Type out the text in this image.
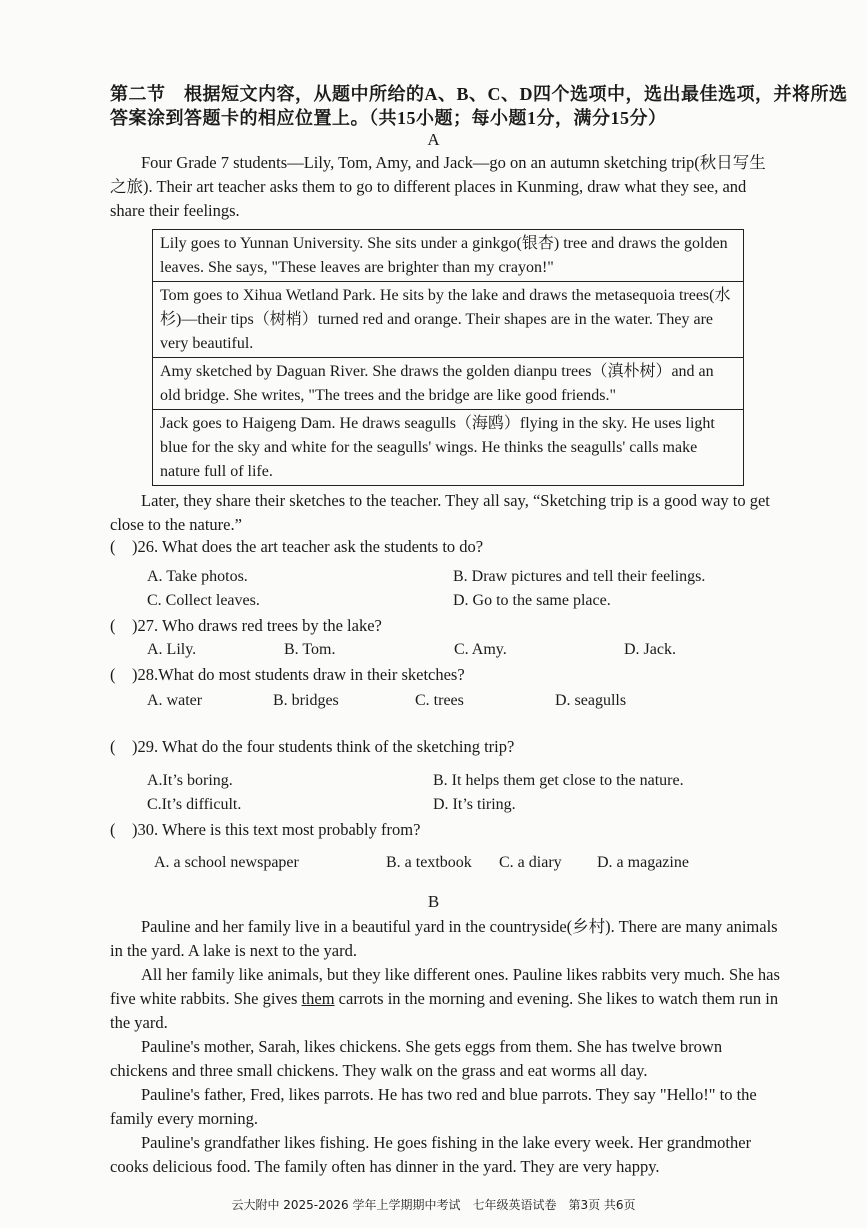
第二节　根据短文内容，从题中所给的A、B、C、D四个选项中，选出最佳选项，并将所选
答案涂到答题卡的相应位置上。（共15小题；每小题1分，满分15分）
A
Four Grade 7 students—Lily, Tom, Amy, and Jack—go on an autumn sketching trip(秋日写生之旅). Their art teacher asks them to go to different places in Kunming, draw what they see, and share their feelings.
Lily goes to Yunnan University. She sits under a ginkgo(银杏) tree and draws the golden leaves. She says, "These leaves are brighter than my crayon!"
Tom goes to Xihua Wetland Park. He sits by the lake and draws the metasequoia trees(水杉)—their tips（树梢）turned red and orange. Their shapes are in the water. They are very beautiful.
Amy sketched by Daguan River. She draws the golden dianpu trees（滇朴树）and an old bridge. She writes, "The trees and the bridge are like good friends."
Jack goes to Haigeng Dam. He draws seagulls（海鸥）flying in the sky. He uses light blue for the sky and white for the seagulls' wings. He thinks the seagulls' calls make nature full of life.
Later, they share their sketches to the teacher. They all say, “Sketching trip is a good way to get close to the nature.”
( )26. What does the art teacher ask the students to do?
A. Take photos.	B. Draw pictures and tell their feelings.
C. Collect leaves.	D. Go to the same place.
( )27. Who draws red trees by the lake?
A. Lily.	B. Tom.	C. Amy.	D. Jack.
( )28.What do most students draw in their sketches?
A. water	B. bridges	C. trees	D. seagulls
( )29. What do the four students think of the sketching trip?
A.It’s boring.	B. It helps them get close to the nature.
C.It’s difficult.	D. It’s tiring.
( )30. Where is this text most probably from?
A. a school newspaper	B. a textbook C. a diary D. a magazine
B
Pauline and her family live in a beautiful yard in the countryside(乡村). There are many animals in the yard. A lake is next to the yard.
All her family like animals, but they like different ones. Pauline likes rabbits very much. She has five white rabbits. She gives them carrots in the morning and evening. She likes to watch them run in the yard.
Pauline's mother, Sarah, likes chickens. She gets eggs from them. She has twelve brown chickens and three small chickens. They walk on the grass and eat worms all day.
Pauline's father, Fred, likes parrots. He has two red and blue parrots. They say "Hello!" to the family every morning.
Pauline's grandfather likes fishing. He goes fishing in the lake every week. Her grandmother cooks delicious food. The family often has dinner in the yard. They are very happy.
云大附中 2025-2026 学年上学期期中考试　七年级英语试卷　第3页 共6页
